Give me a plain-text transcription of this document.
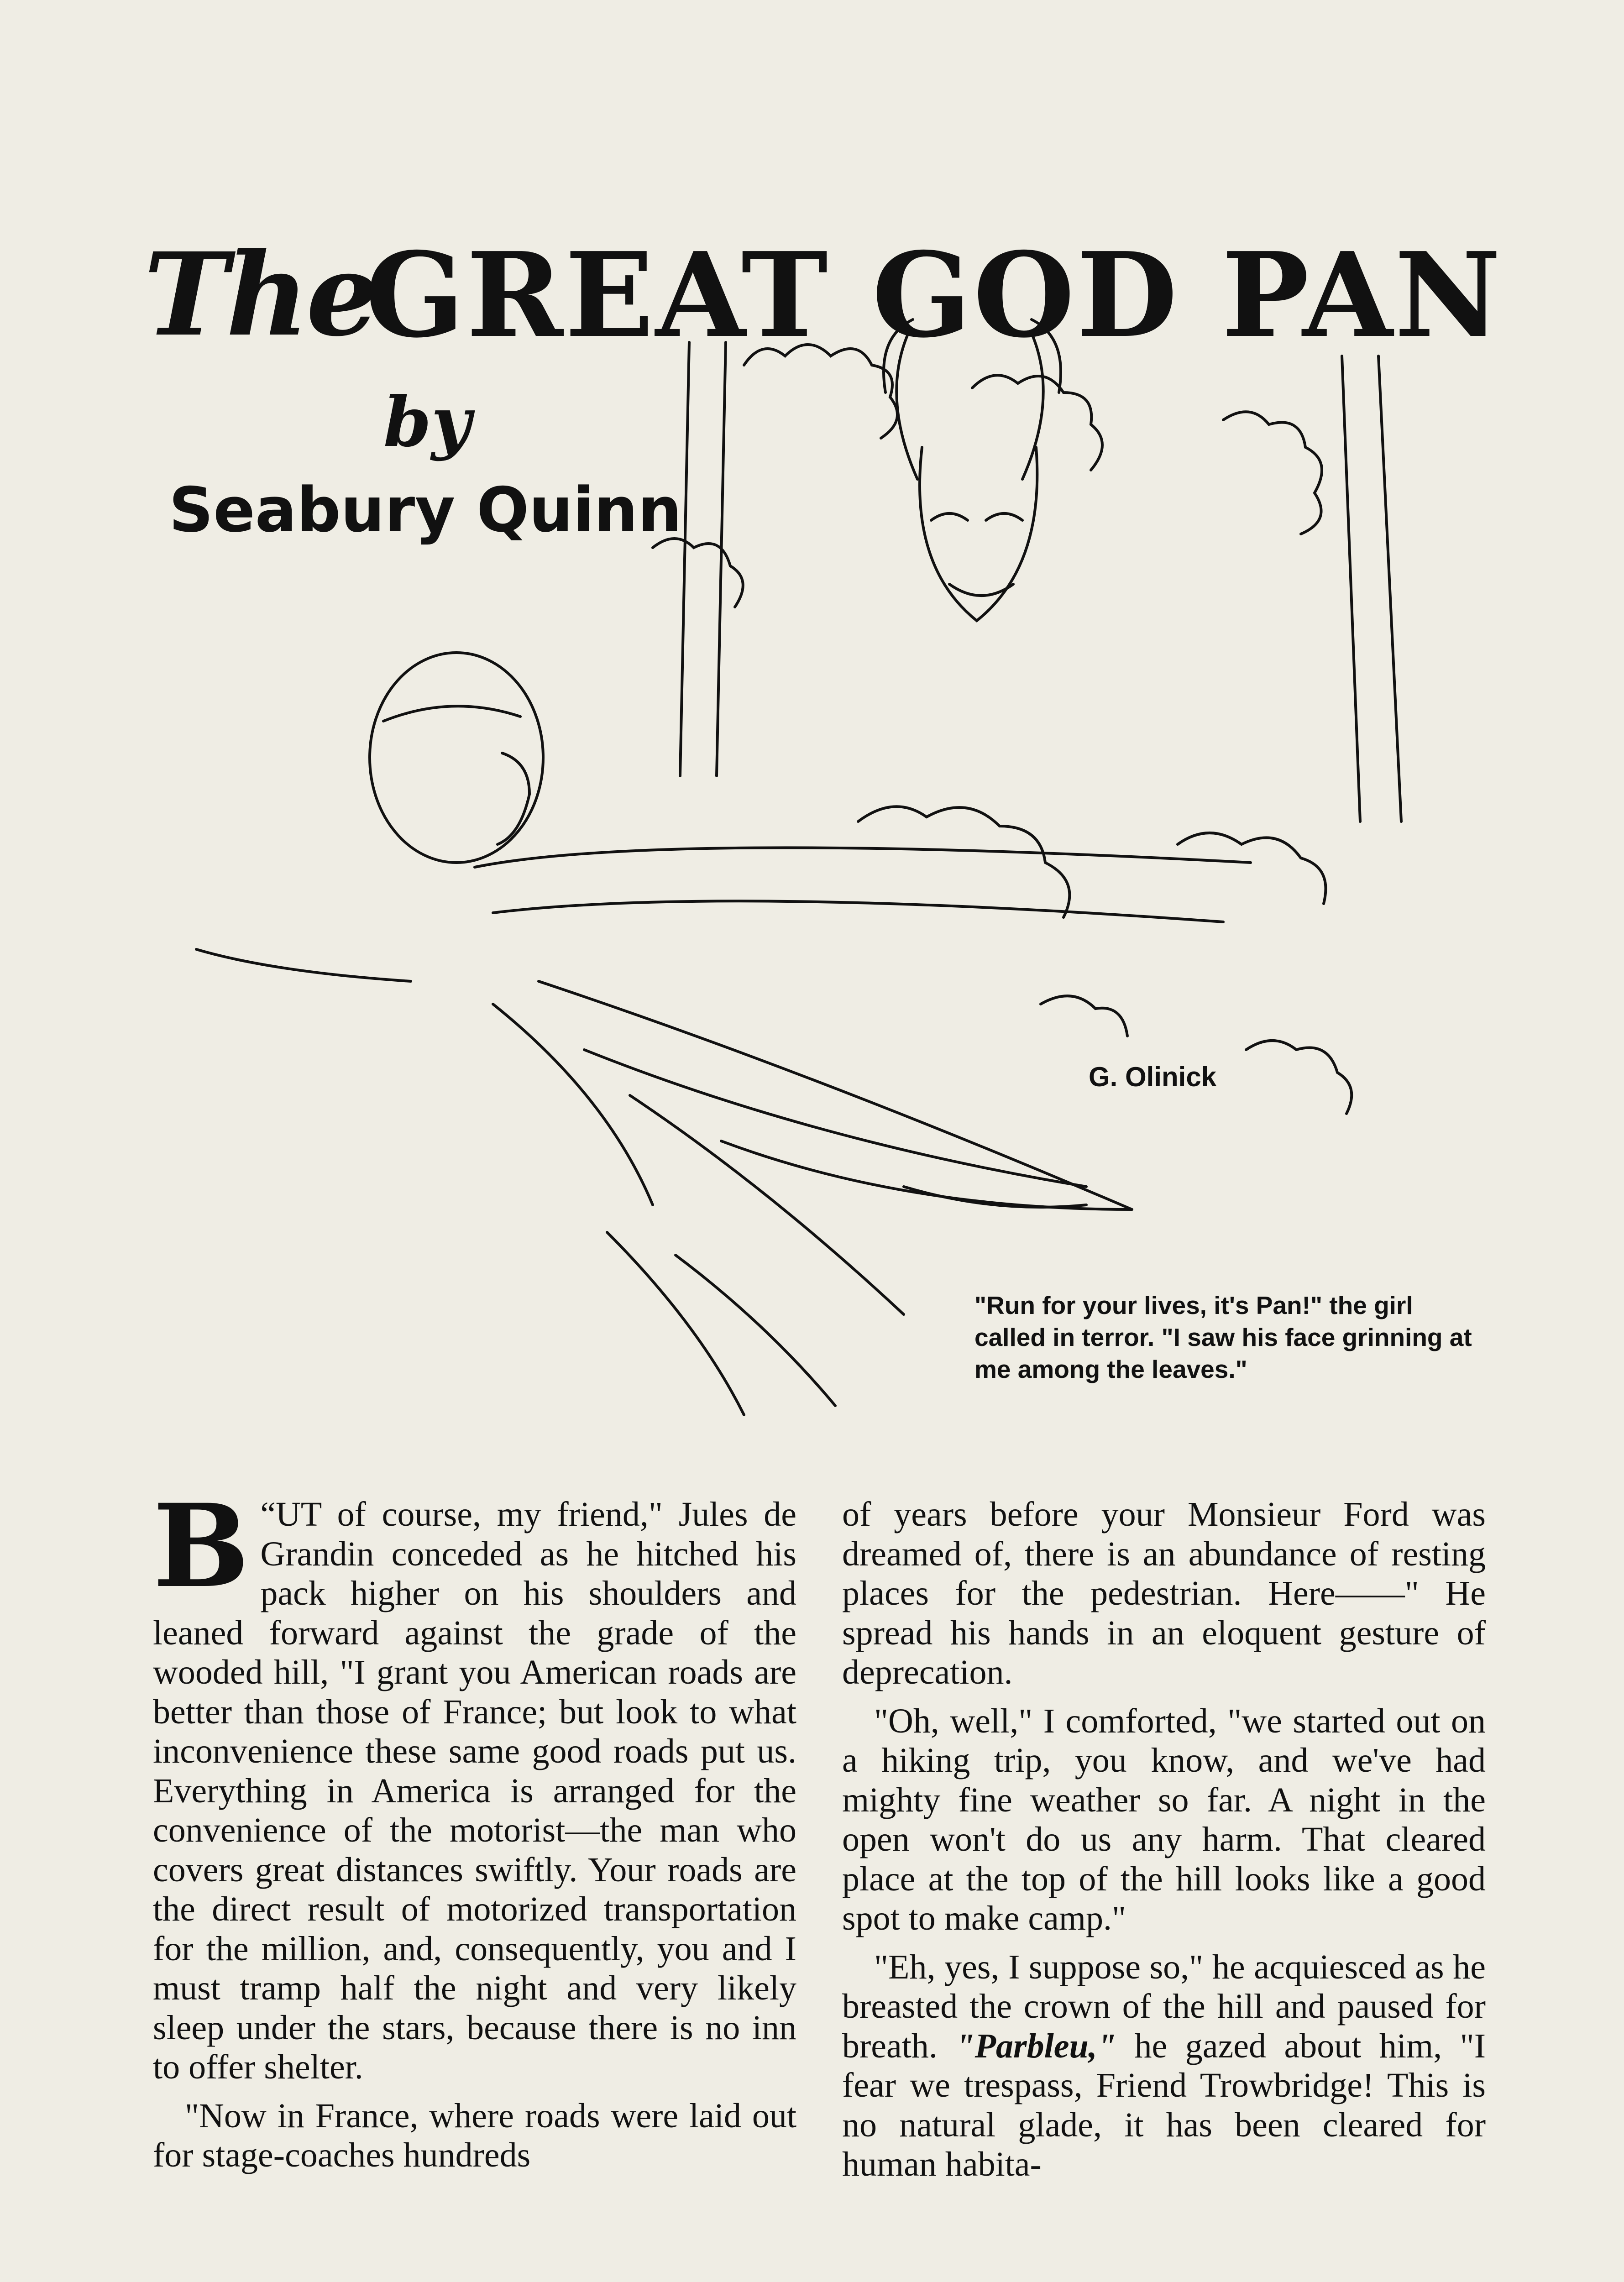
G. Olinick
The
GREAT GOD PAN
by
Seabury Quinn
"Run for your lives, it's Pan!" the girl called in terror. "I saw his face grinning at me among the leaves."

“
B UT of course, my friend," Jules de Grandin conceded as he hitched his pack higher on his shoulders and leaned forward against the grade of the wooded hill, "I grant you American roads are better than those of France; but look to what inconvenience these same good roads put us. Everything in America is arranged for the convenience of the motorist—the man who covers great distances swiftly. Your roads are the direct result of motorized transportation for the million, and, consequently, you and I must tramp half the night and very likely sleep under the stars, because there is no inn to offer shelter.

"Now in France, where roads were laid out for stage-coaches hundreds

of years before your Monsieur Ford was dreamed of, there is an abundance of resting places for the pedestrian. Here——" He spread his hands in an eloquent gesture of deprecation.

"Oh, well," I comforted, "we started out on a hiking trip, you know, and we've had mighty fine weather so far. A night in the open won't do us any harm. That cleared place at the top of the hill looks like a good spot to make camp."

"Eh, yes, I suppose so," he acquiesced as he breasted the crown of the hill and paused for breath. "Parbleu," he gazed about him, "I fear we trespass, Friend Trowbridge! This is no natural glade, it has been cleared for human habita-
